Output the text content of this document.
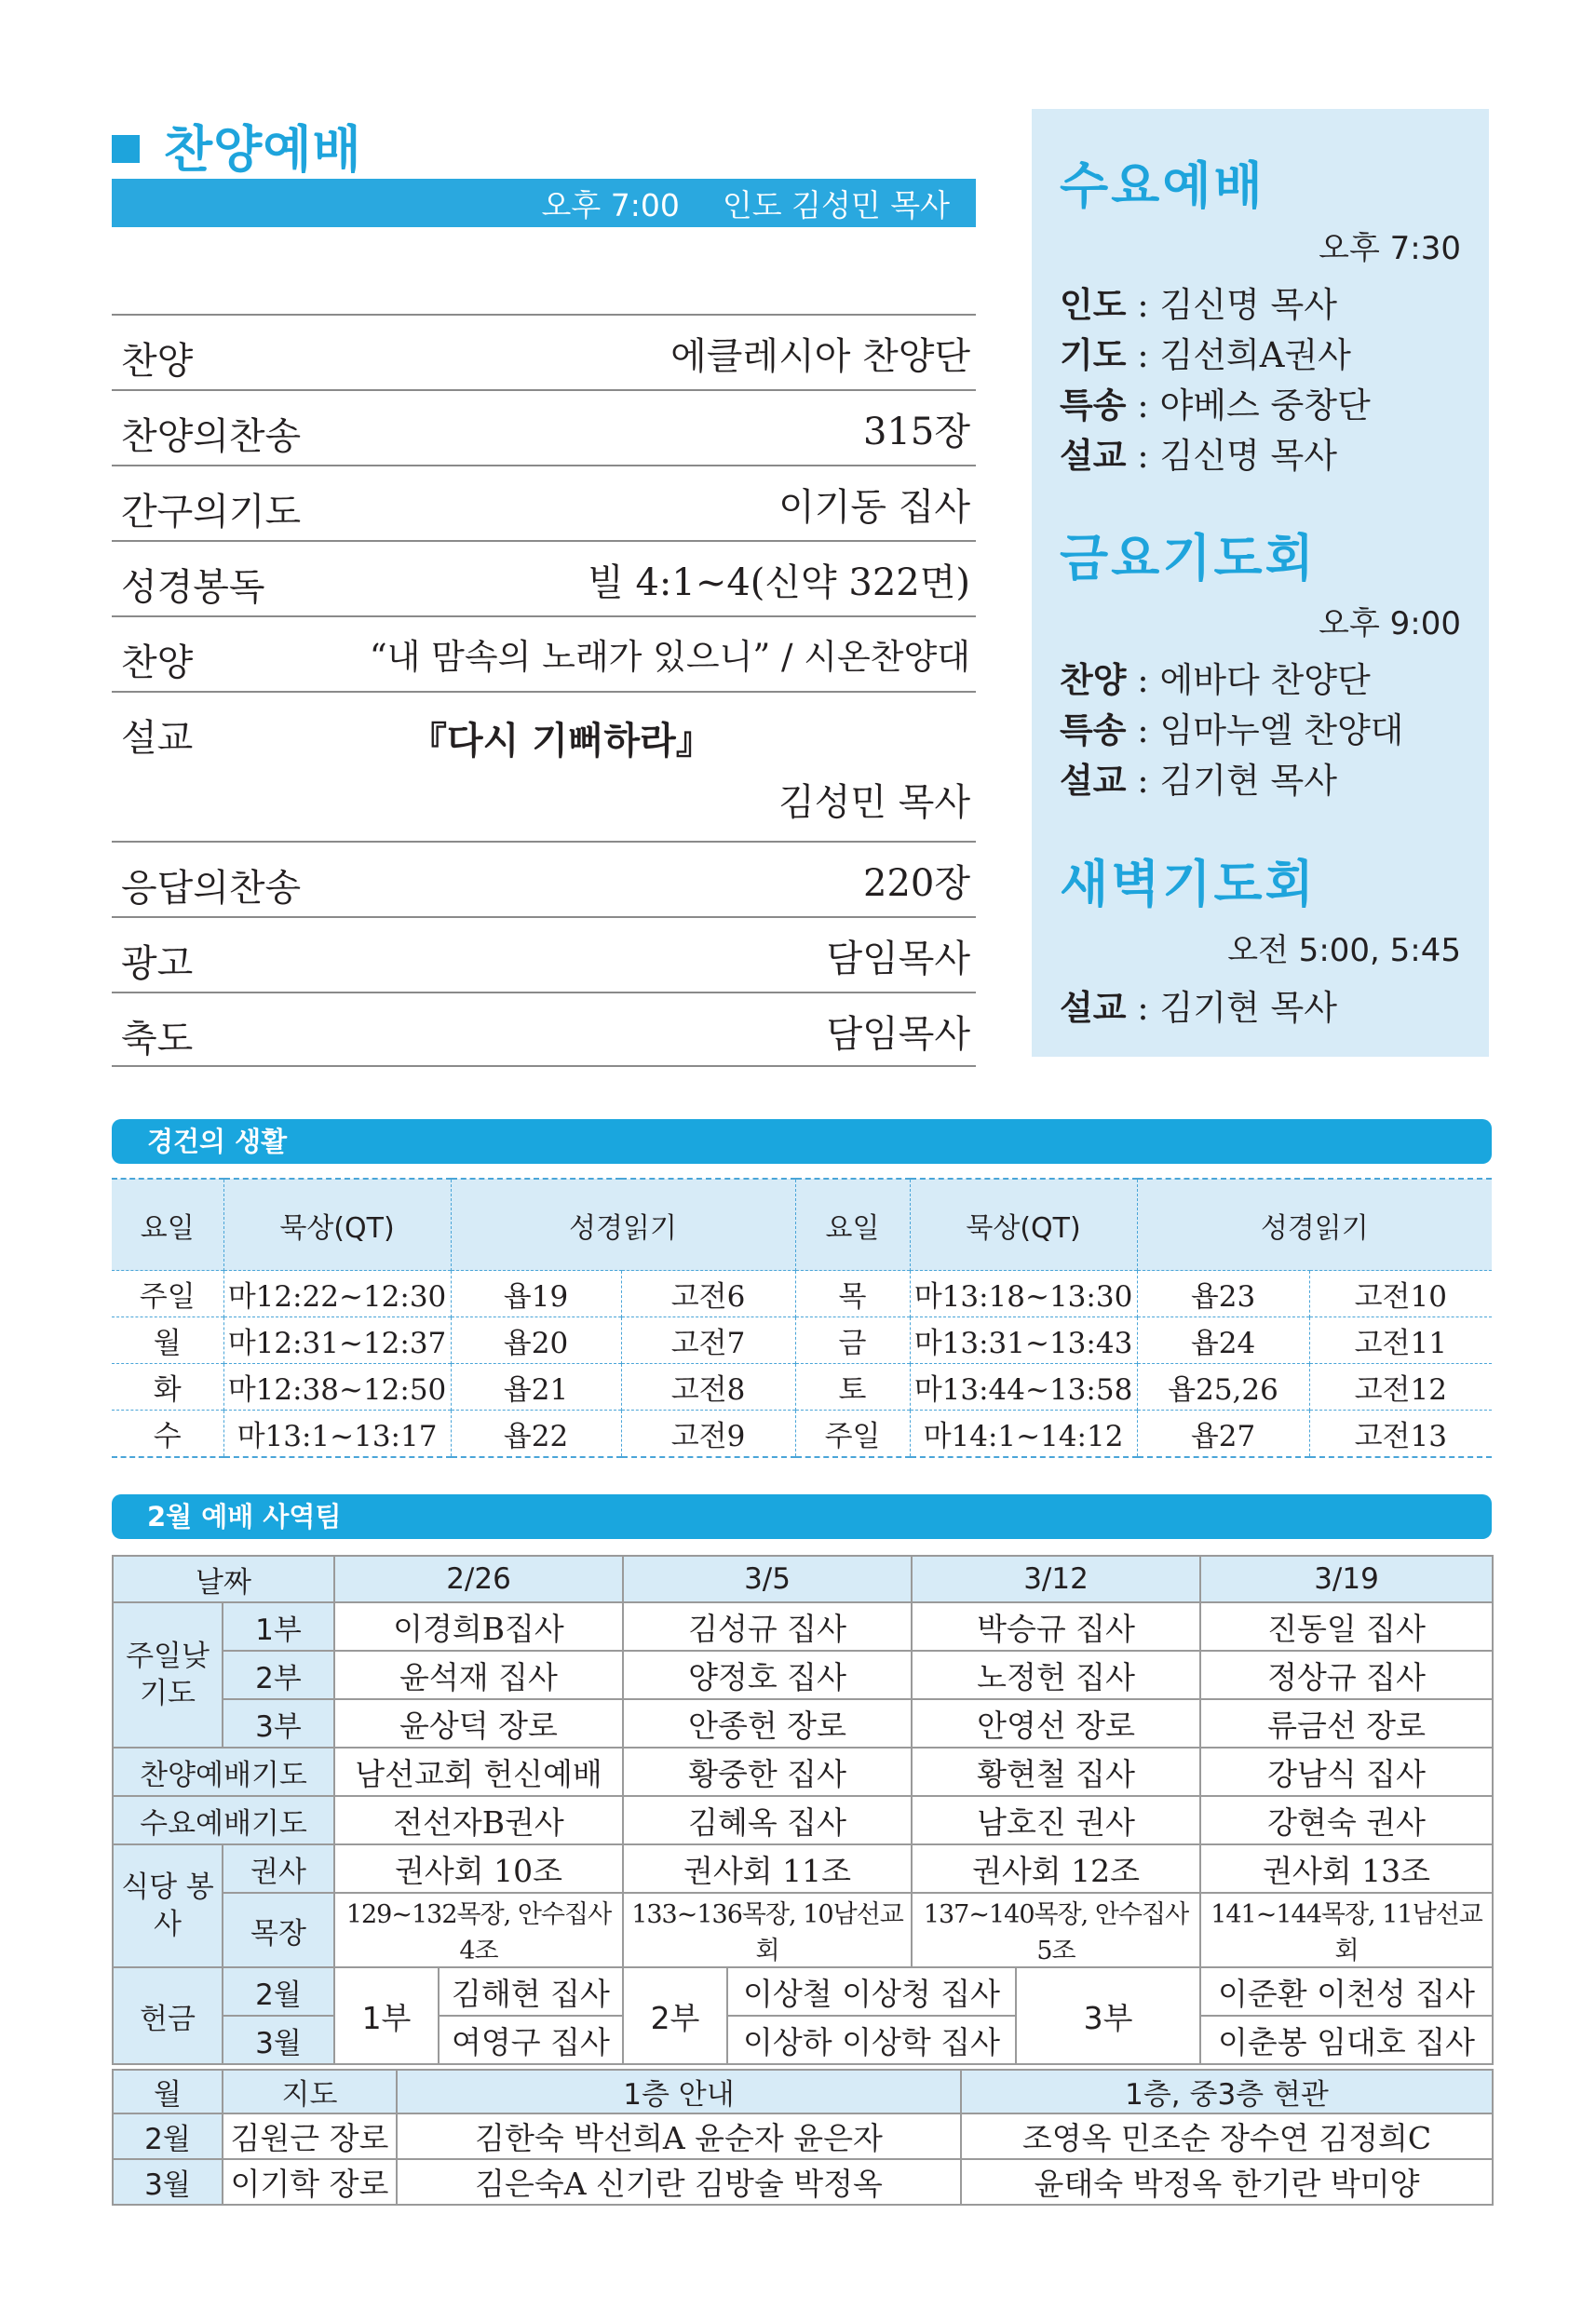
찬양예배
오후 7:00 인도 김성민 목사
찬양	에클레시아 찬양단
찬양의찬송	315장
간구의기도	이기동 집사
성경봉독	빌 4:1~4(신약 322면)
찬양	“내 맘속의 노래가 있으니” / 시온찬양대
설교	『다시 기뻐하라』
김성민 목사
응답의찬송	220장
광고	담임목사
축도	담임목사
수요예배
오후 7:30
인도 : 김신명 목사
기도 : 김선희A권사
특송 : 야베스 중창단
설교 : 김신명 목사
금요기도회
오후 9:00
찬양 : 에바다 찬양단
특송 : 임마누엘 찬양대
설교 : 김기현 목사
새벽기도회
오전 5:00, 5:45
설교 : 김기현 목사
경건의 생활
요일	묵상(QT)	성경읽기		요일	묵상(QT)	성경읽기	
주일	마12:22~12:30	욥19	고전6	목	마13:18~13:30	욥23	고전10
월	마12:31~12:37	욥20	고전7	금	마13:31~13:43	욥24	고전11
화	마12:38~12:50	욥21	고전8	토	마13:44~13:58	욥25,26	고전12
수	마13:1~13:17	욥22	고전9	주일	마14:1~14:12	욥27	고전13
2월 예배 사역팀
날짜		2/26		3/5		3/12		3/19
주일낮 기도	1부	이경희B집사		김성규 집사		박승규 집사		진동일 집사
	2부	윤석재 집사		양정호 집사		노정헌 집사		정상규 집사
	3부	윤상덕 장로		안종헌 장로		안영선 장로		류금선 장로
찬양예배기도		남선교회 헌신예배		황중한 집사		황현철 집사		강남식 집사
수요예배기도		전선자B권사		김혜옥 집사		남호진 권사		강현숙 권사
식당 봉사	권사	권사회 10조		권사회 11조		권사회 12조		권사회 13조
	목장	129~132목장, 안수집사 4조		133~136목장, 10남선교회		137~140목장, 안수집사 5조		141~144목장, 11남선교회
헌금	2월	1부	김해현 집사	2부	이상철 이상청 집사		3부	이준환 이천성 집사
	3월		여영구 집사		이상하 이상학 집사			이춘봉 임대호 집사
월	지도	1층 안내	1층, 중3층 현관
2월	김원근 장로	김한숙 박선희A 윤순자 윤은자	조영옥 민조순 장수연 김정희C
3월	이기학 장로	김은숙A 신기란 김방술 박정옥	윤태숙 박정옥 한기란 박미양
